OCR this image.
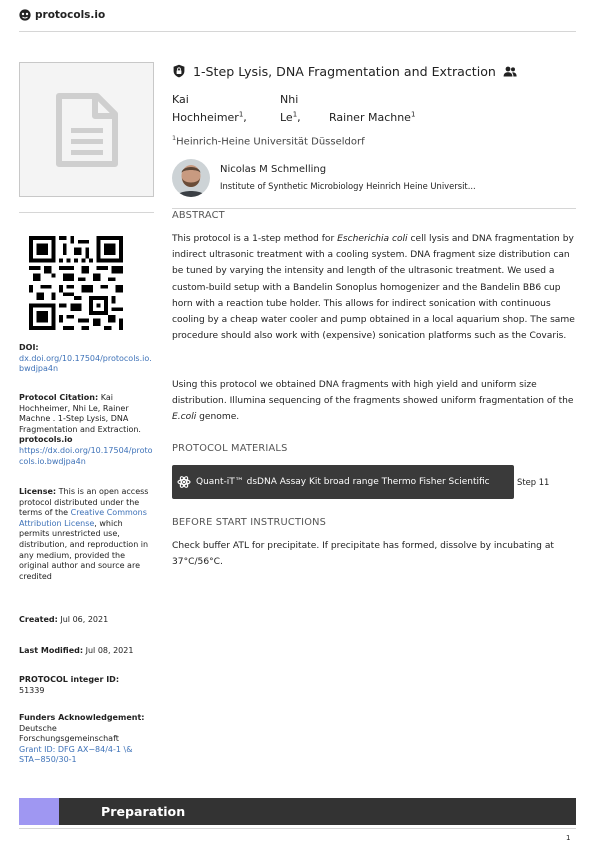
protocols.io
DOI:
dx.doi.org/10.17504/protocols.io.bwdjpa4n
Protocol Citation: Kai Hochheimer, Nhi Le, Rainer Machne . 1-Step Lysis, DNA Fragmentation and Extraction. protocols.io
https://dx.doi.org/10.17504/protocols.io.bwdjpa4n
License: This is an open access protocol distributed under the terms of the Creative Commons Attribution License, which permits unrestricted use, distribution, and reproduction in any medium, provided the original author and source are credited
Created: Jul 06, 2021
Last Modified: Jul 08, 2021
PROTOCOL integer ID:
51339
Funders Acknowledgement:
Deutsche Forschungsgemeinschaft
Grant ID: DFG AX−84/4-1 \& STA−850/30-1
1-Step Lysis, DNA Fragmentation and Extraction
Kai
Hochheimer$^1$,
Nhi
Le$^1$,	Rainer Machne$^1$
$^1$Heinrich-Heine Universität Düsseldorf
Nicolas M Schmelling
Institute of Synthetic Microbiology Heinrich Heine Universit...
ABSTRACT
This protocol is a 1-step method for Escherichia coli cell lysis and DNA fragmentation by indirect ultrasonic treatment with a cooling system. DNA fragment size distribution can be tuned by varying the intensity and length of the ultrasonic treatment. We used a custom-build setup with a Bandelin Sonoplus homogenizer and the Bandelin BB6 cup horn with a reaction tube holder. This allows for indirect sonication with continuous cooling by a cheap water cooler and pump obtained in a local aquarium shop. The same procedure should also work with (expensive) sonication platforms such as the Covaris.
Using this protocol we obtained DNA fragments with high yield and uniform size distribution. Illumina sequencing of the fragments showed uniform fragmentation of the E.coli genome.
PROTOCOL MATERIALS
Quant-iT™ dsDNA Assay Kit broad range Thermo Fisher Scientific	Step 11
BEFORE START INSTRUCTIONS
Check buffer ATL for precipitate. If precipitate has formed, dissolve by incubating at 37°C/56°C.
Preparation
1
